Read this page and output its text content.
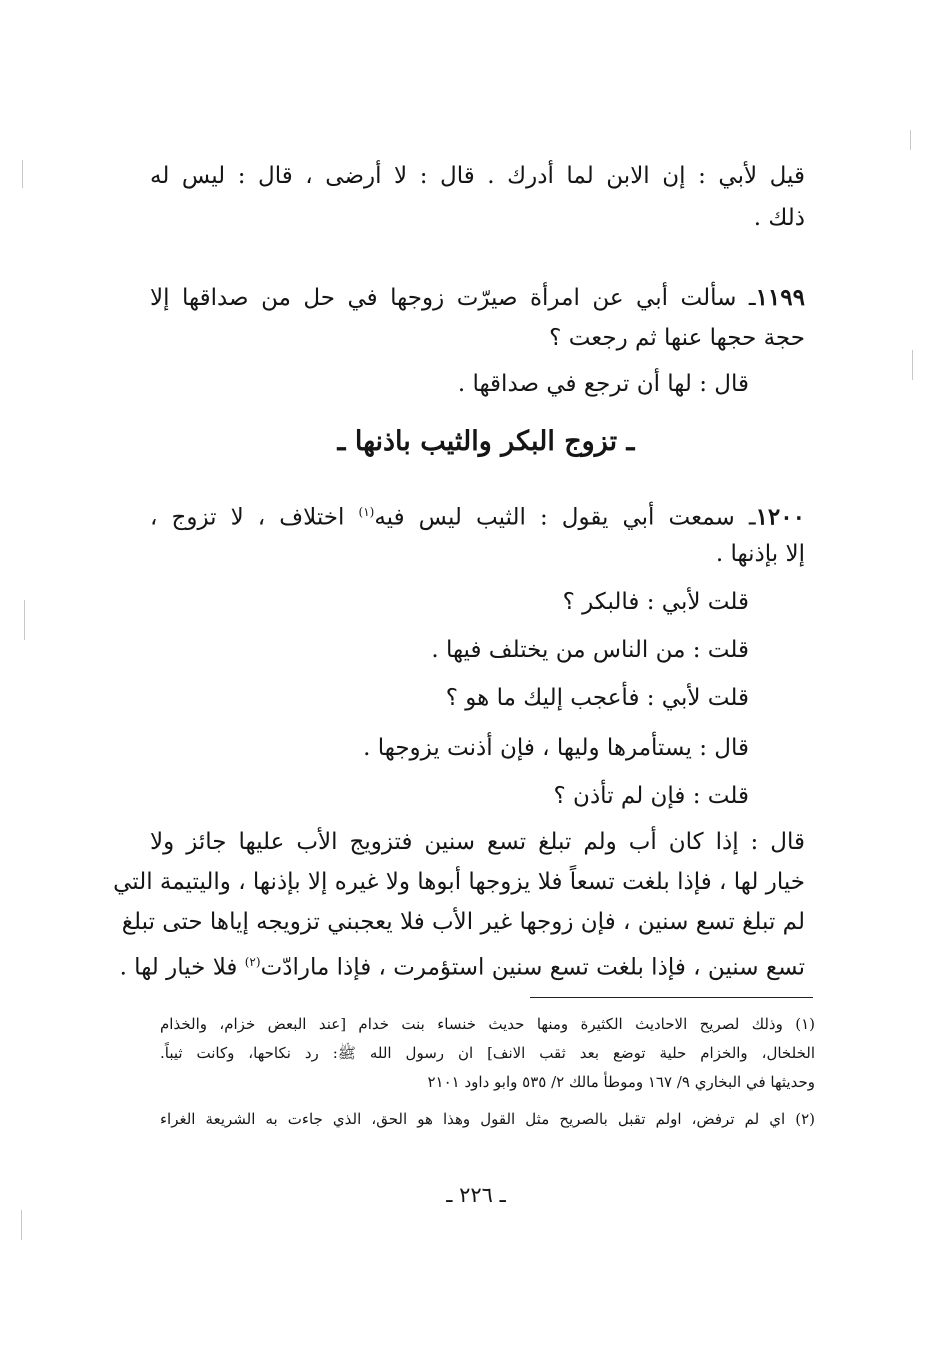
قيل لأبي : إن الابن لما أدرك . قال : لا أرضى ، قال : ليس له
ذلك .
١١٩٩ـ سألت أبي عن امرأة صيرّت زوجها في حل من صداقها إلا
حجة حجها عنها ثم رجعت ؟
قال : لها أن ترجع في صداقها .
ـ تزوج البكر والثيب باذنها ـ
١٢٠٠ـ سمعت أبي يقول : الثيب ليس فيه$^{(١)}$ اختلاف ، لا تزوج ،
إلا بإذنها .
قلت لأبي : فالبكر ؟
قلت : من الناس من يختلف فيها .
قلت لأبي : فأعجب إليك ما هو ؟
قال : يستأمرها وليها ، فإن أذنت يزوجها .
قلت : فإن لم تأذن ؟
قال : إذا كان أب ولم تبلغ تسع سنين فتزويج الأب عليها جائز ولا
خيار لها ، فإذا بلغت تسعاً فلا يزوجها أبوها ولا غيره إلا بإذنها ، واليتيمة التي
لم تبلغ تسع سنين ، فإن زوجها غير الأب فلا يعجبني تزويجه إياها حتى تبلغ
تسع سنين ، فإذا بلغت تسع سنين استؤمرت ، فإذا مارادّت$^{(٢)}$ فلا خيار لها .
(١) وذلك لصريح الاحاديث الكثيرة ومنها حديث خنساء بنت خدام [عند البعض خزام، والخذام
الخلخال، والخزام حلية توضع بعد ثقب الانف] ان رسول الله ﷺ: رد نكاحها، وكانت ثيباً.
وحديثها في البخاري ٩/ ١٦٧ وموطأ مالك ٢/ ٥٣٥ وابو داود ٢١٠١
(٢) اي لم ترفض، اولم تقبل بالصريح مثل القول وهذا هو الحق، الذي جاءت به الشريعة الغراء
ـ ٢٢٦ ـ
